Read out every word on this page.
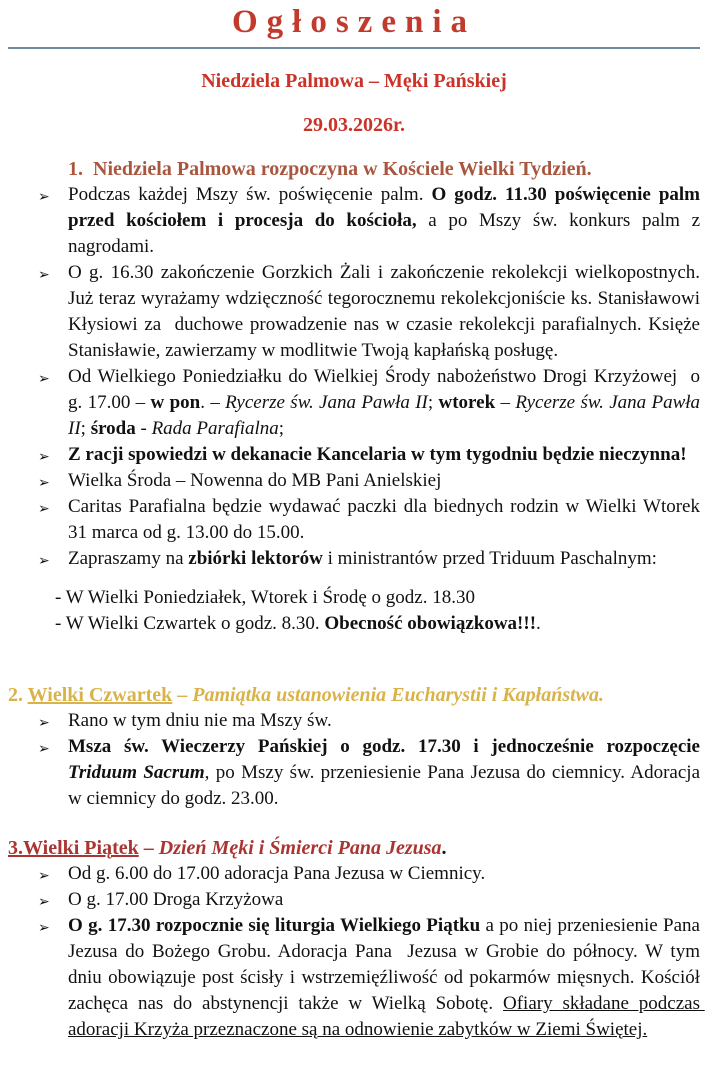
Ogłoszenia

Niedziela Palmowa – Męki Pańskiej

29.03.2026r.

1.  Niedziela Palmowa rozpoczyna w Kościele Wielki Tydzień.

➢ Podczas każdej Mszy św. poświęcenie palm. O godz. 11.30 poświęcenie palm przed kościołem i procesja do kościoła, a po Mszy św. konkurs palm z nagrodami.
➢ O g. 16.30 zakończenie Gorzkich Żali i zakończenie rekolekcji wielkopostnych. Już teraz wyrażamy wdzięczność tegorocznemu rekolekcjoniście ks. Stanisławowi Kłysiowi za  duchowe prowadzenie nas w czasie rekolekcji parafialnych. Księże Stanisławie, zawierzamy w modlitwie Twoją kapłańską posługę.
➢ Od Wielkiego Poniedziałku do Wielkiej Środy nabożeństwo Drogi Krzyżowej  o g. 17.00 – w pon. – Rycerze św. Jana Pawła II; wtorek – Rycerze św. Jana Pawła II; środa - Rada Parafialna;
➢ Z racji spowiedzi w dekanacie Kancelaria w tym tygodniu będzie nieczynna!
➢ Wielka Środa – Nowenna do MB Pani Anielskiej
➢ Caritas Parafialna będzie wydawać paczki dla biednych rodzin w Wielki Wtorek 31 marca od g. 13.00 do 15.00.
➢ Zapraszamy na zbiórki lektorów i ministrantów przed Triduum Paschalnym:
- W Wielki Poniedziałek, Wtorek i Środę o godz. 18.30
- W Wielki Czwartek o godz. 8.30. Obecność obowiązkowa!!!.

2. Wielki Czwartek – Pamiątka ustanowienia Eucharystii i Kapłaństwa.

➢ Rano w tym dniu nie ma Mszy św.
➢ Msza św. Wieczerzy Pańskiej o godz. 17.30 i jednocześnie rozpoczęcie Triduum Sacrum, po Mszy św. przeniesienie Pana Jezusa do ciemnicy. Adoracja w ciemnicy do godz. 23.00.

3.Wielki Piątek – Dzień Męki i Śmierci Pana Jezusa.

➢ Od g. 6.00 do 17.00 adoracja Pana Jezusa w Ciemnicy.
➢ O g. 17.00 Droga Krzyżowa
➢ O g. 17.30 rozpocznie się liturgia Wielkiego Piątku a po niej przeniesienie Pana Jezusa do Bożego Grobu. Adoracja Pana  Jezusa w Grobie do północy. W tym dniu obowiązuje post ścisły i wstrzemięźliwość od pokarmów mięsnych. Kościół zachęca nas do abstynencji także w Wielką Sobotę. Ofiary składane podczas adoracji Krzyża przeznaczone są na odnowienie zabytków w Ziemi Świętej.
